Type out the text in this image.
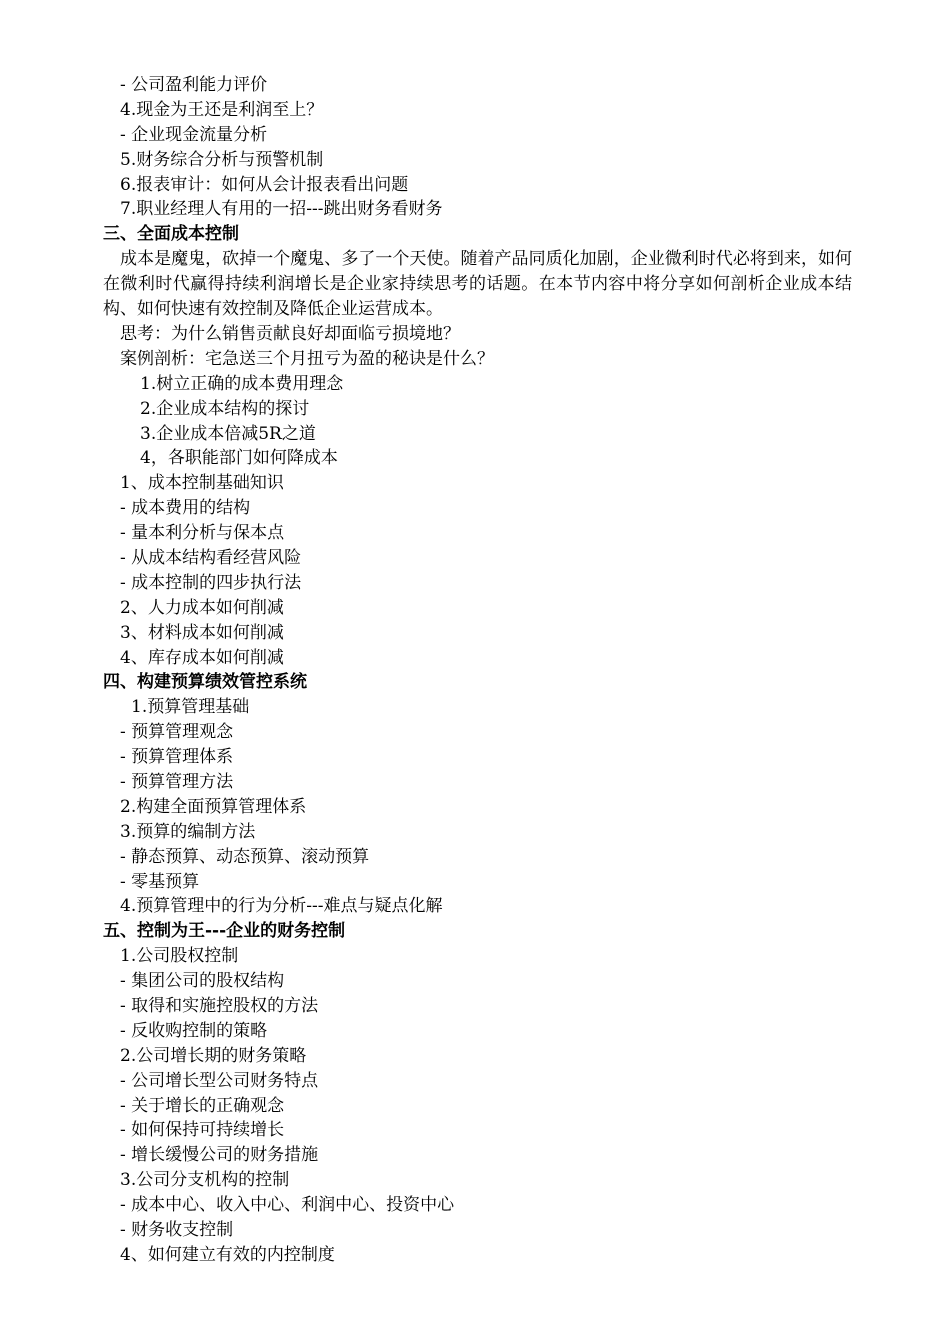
- 公司盈利能力评价
4.现金为王还是利润至上？
- 企业现金流量分析
5.财务综合分析与预警机制
6.报表审计：如何从会计报表看出问题
7.职业经理人有用的一招---跳出财务看财务
三、全面成本控制
　成本是魔鬼，砍掉一个魔鬼、多了一个天使。随着产品同质化加剧，企业微利时代必将到来，如何在微利时代赢得持续利润增长是企业家持续思考的话题。在本节内容中将分享如何剖析企业成本结构、如何快速有效控制及降低企业运营成本。
思考：为什么销售贡献良好却面临亏损境地？
案例剖析：宅急送三个月扭亏为盈的秘诀是什么？
1.树立正确的成本费用理念
2.企业成本结构的探讨
3.企业成本倍减5R之道
4，各职能部门如何降成本
1、成本控制基础知识
- 成本费用的结构
- 量本利分析与保本点
- 从成本结构看经营风险
- 成本控制的四步执行法
2、人力成本如何削减
3、材料成本如何削减
4、库存成本如何削减
四、构建预算绩效管控系统
1.预算管理基础
- 预算管理观念
- 预算管理体系
- 预算管理方法
2.构建全面预算管理体系
3.预算的编制方法
- 静态预算、动态预算、滚动预算
- 零基预算
4.预算管理中的行为分析---难点与疑点化解
五、控制为王---企业的财务控制
1.公司股权控制
- 集团公司的股权结构
- 取得和实施控股权的方法
- 反收购控制的策略
2.公司增长期的财务策略
- 公司增长型公司财务特点
- 关于增长的正确观念
- 如何保持可持续增长
- 增长缓慢公司的财务措施
3.公司分支机构的控制
- 成本中心、收入中心、利润中心、投资中心
- 财务收支控制
4、如何建立有效的内控制度
